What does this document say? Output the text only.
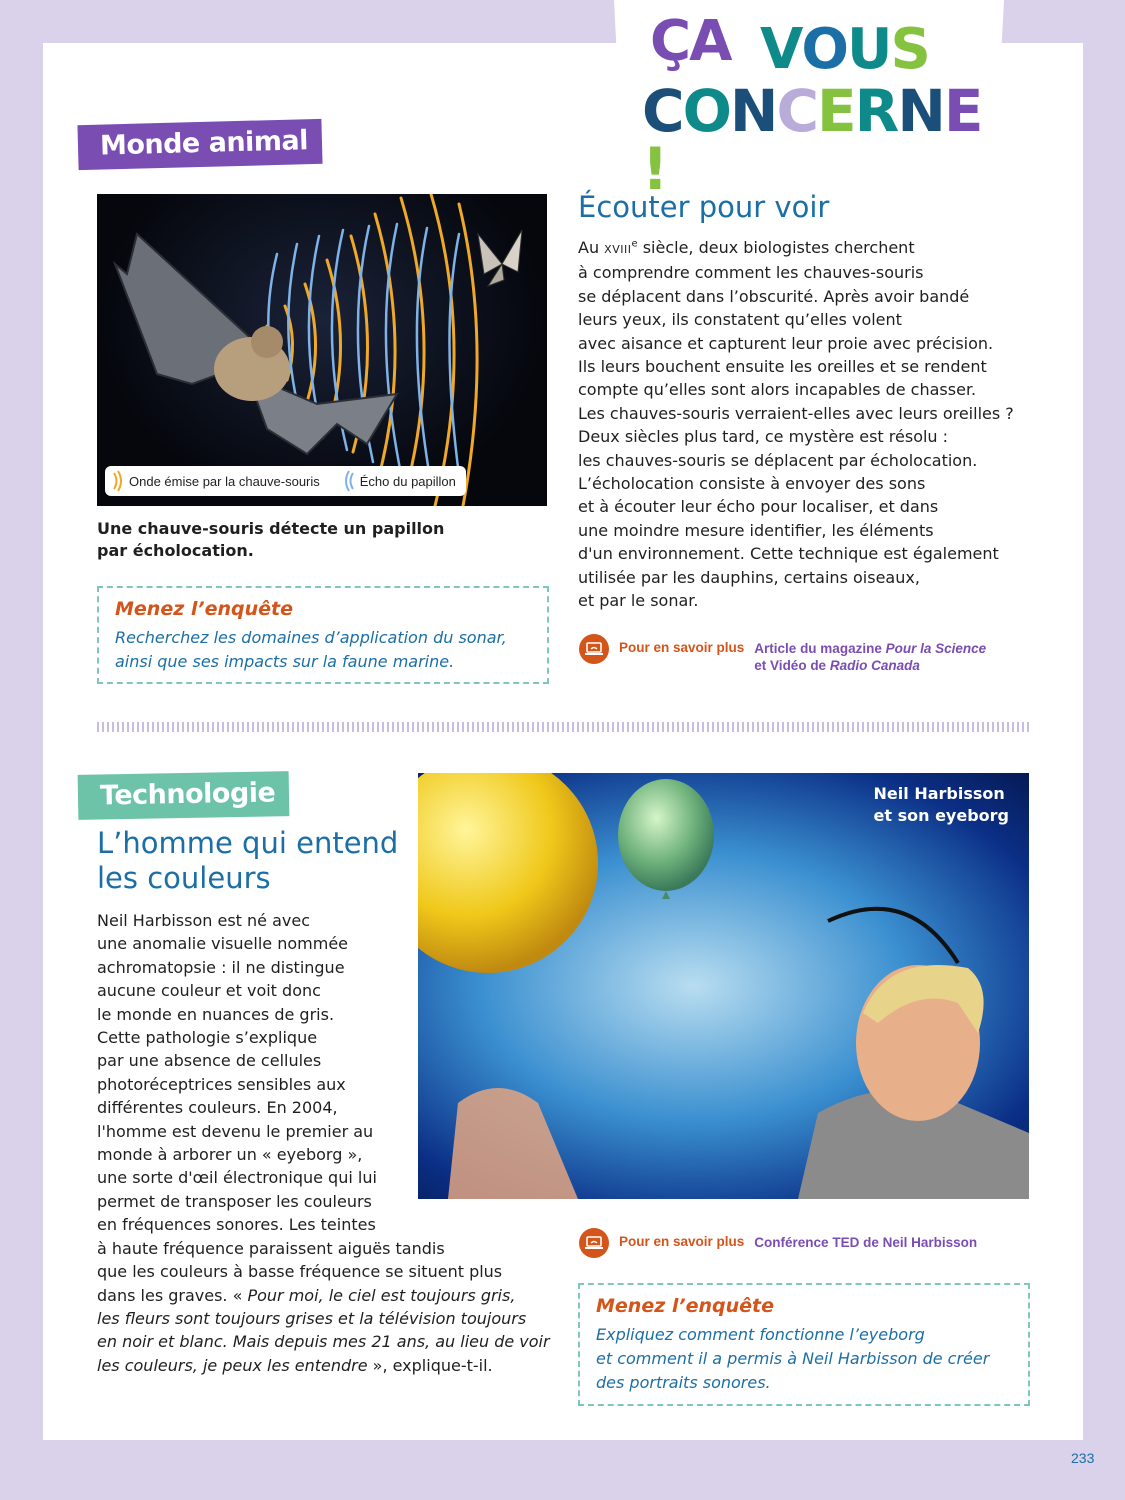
ÇA VOUS
CONCERNE!
Monde animal
Onde émise par la chauve-souris	Écho du papillon
Une chauve-souris détecte un papillon
par écholocation.
Menez l’enquête
Recherchez les domaines d’application du sonar,
ainsi que ses impacts sur la faune marine.
Écouter pour voir
Au XVIIIe siècle, deux biologistes cherchent
à comprendre comment les chauves-souris
se déplacent dans l’obscurité. Après avoir bandé
leurs yeux, ils constatent qu’elles volent
avec aisance et capturent leur proie avec précision.
Ils leurs bouchent ensuite les oreilles et se rendent
compte qu’elles sont alors incapables de chasser.
Les chauves-souris verraient-elles avec leurs oreilles ?
Deux siècles plus tard, ce mystère est résolu :
les chauves-souris se déplacent par écholocation.
L’écholocation consiste à envoyer des sons
et à écouter leur écho pour localiser, et dans
une moindre mesure identifier, les éléments
d'un environnement. Cette technique est également
utilisée par les dauphins, certains oiseaux,
et par le sonar.
Pour en savoir plus Article du magazine Pour la Science
et Vidéo de Radio Canada
Technologie
L’homme qui entend
les couleurs
Neil Harbisson
et son eyeborg
Neil Harbisson est né avec
une anomalie visuelle nommée
achromatopsie : il ne distingue
aucune couleur et voit donc
le monde en nuances de gris.
Cette pathologie s’explique
par une absence de cellules
photoréceptrices sensibles aux
différentes couleurs. En 2004,
l'homme est devenu le premier au
monde à arborer un « eyeborg »,
une sorte d'œil électronique qui lui
permet de transposer les couleurs
en fréquences sonores. Les teintes
à haute fréquence paraissent aiguës tandis
que les couleurs à basse fréquence se situent plus
dans les graves. « Pour moi, le ciel est toujours gris,
les fleurs sont toujours grises et la télévision toujours
en noir et blanc. Mais depuis mes 21 ans, au lieu de voir
les couleurs, je peux les entendre », explique-t-il.
Pour en savoir plus Conférence TED de Neil Harbisson
Menez l’enquête
Expliquez comment fonctionne l’eyeborg
et comment il a permis à Neil Harbisson de créer
des portraits sonores.
233
